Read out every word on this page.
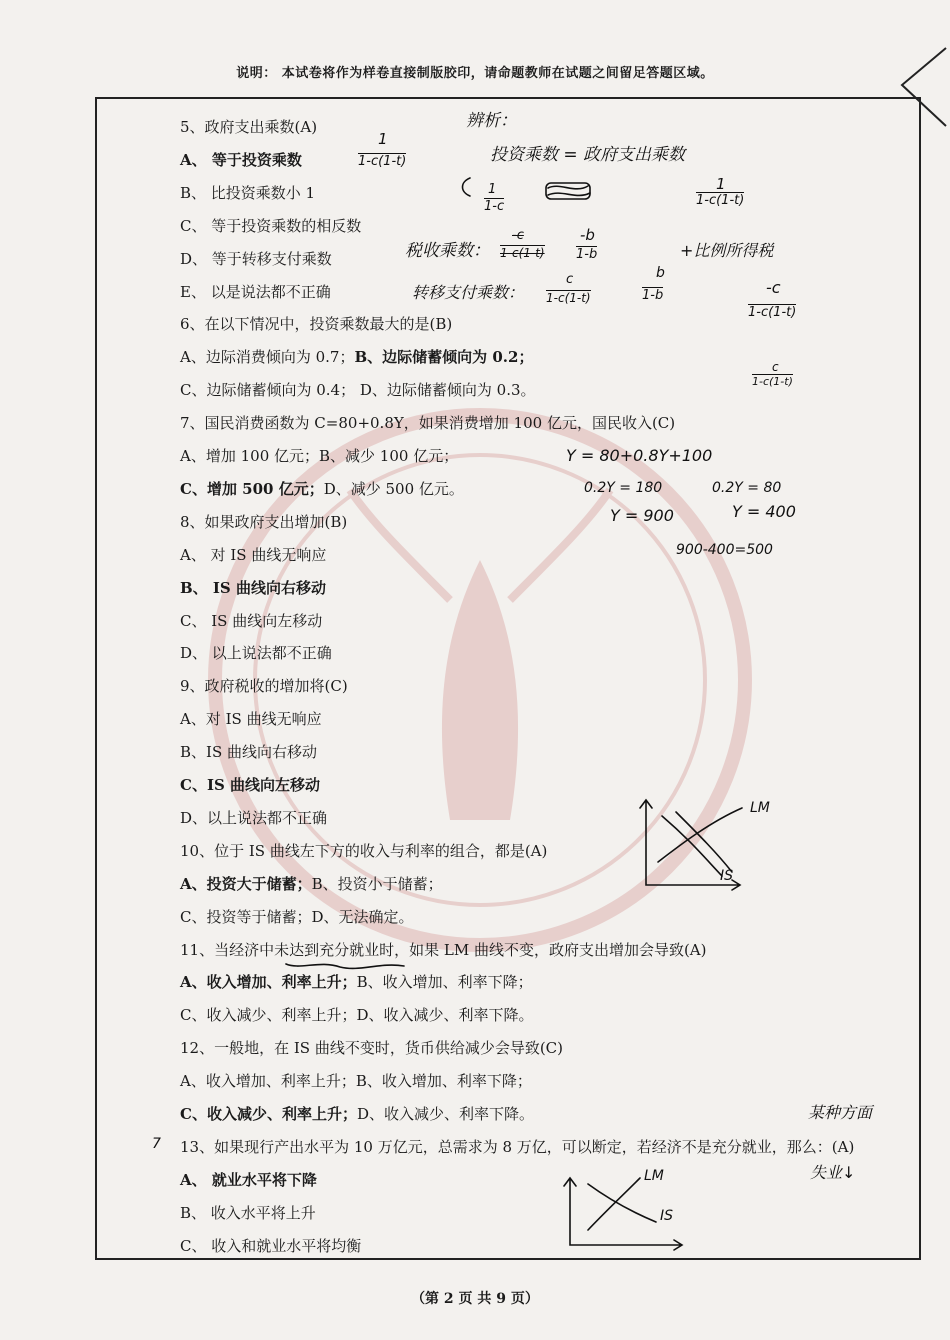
说明： 本试卷将作为样卷直接制版胶印，请命题教师在试题之间留足答题区域。
5、政府支出乘数(A)
A、 等于投资乘数
B、 比投资乘数小 1
C、 等于投资乘数的相反数
D、 等于转移支付乘数
E、 以是说法都不正确
6、在以下情况中，投资乘数最大的是(B)
A、边际消费倾向为 0.7；B、边际储蓄倾向为 0.2；
C、边际储蓄倾向为 0.4； D、边际储蓄倾向为 0.3。
7、国民消费函数为 C=80+0.8Y，如果消费增加 100 亿元，国民收入(C)
A、增加 100 亿元；B、减少 100 亿元；
C、增加 500 亿元；D、减少 500 亿元。
8、如果政府支出增加(B)
A、 对 IS 曲线无响应
B、 IS 曲线向右移动
C、 IS 曲线向左移动
D、 以上说法都不正确
9、政府税收的增加将(C)
A、对 IS 曲线无响应
B、IS 曲线向右移动
C、IS 曲线向左移动
D、以上说法都不正确
10、位于 IS 曲线左下方的收入与利率的组合，都是(A)
A、投资大于储蓄；B、投资小于储蓄；
C、投资等于储蓄；D、无法确定。
11、当经济中未达到充分就业时，如果 LM 曲线不变，政府支出增加会导致(A)
A、收入增加、利率上升；B、收入增加、利率下降；
C、收入减少、利率上升；D、收入减少、利率下降。
12、一般地，在 IS 曲线不变时，货币供给减少会导致(C)
A、收入增加、利率上升；B、收入增加、利率下降；
C、收入减少、利率上升；D、收入减少、利率下降。
13、如果现行产出水平为 10 万亿元，总需求为 8 万亿，可以断定，若经济不是充分就业，那么：(A)
A、 就业水平将下降
B、 收入水平将上升
C、 收入和就业水平将均衡
辨析：
1
1-c(1-t)	投资乘数 = 政府支出乘数
1
1-c
1
1-c(1-t)
税收乘数：
-c
1-c(1-t)
-b
1-b	+比例所得税
转移支付乘数：
c
1-c(1-t)
b
1-b	-c
1-c(1-t)
c
1-c(1-t)
Y = 80+0.8Y+100
0.2Y = 180
Y = 900
0.2Y = 80
Y = 400
900-400=500
LM
IS
LM
IS
某种方面
失业↓
7
（第 2 页 共 9 页）
